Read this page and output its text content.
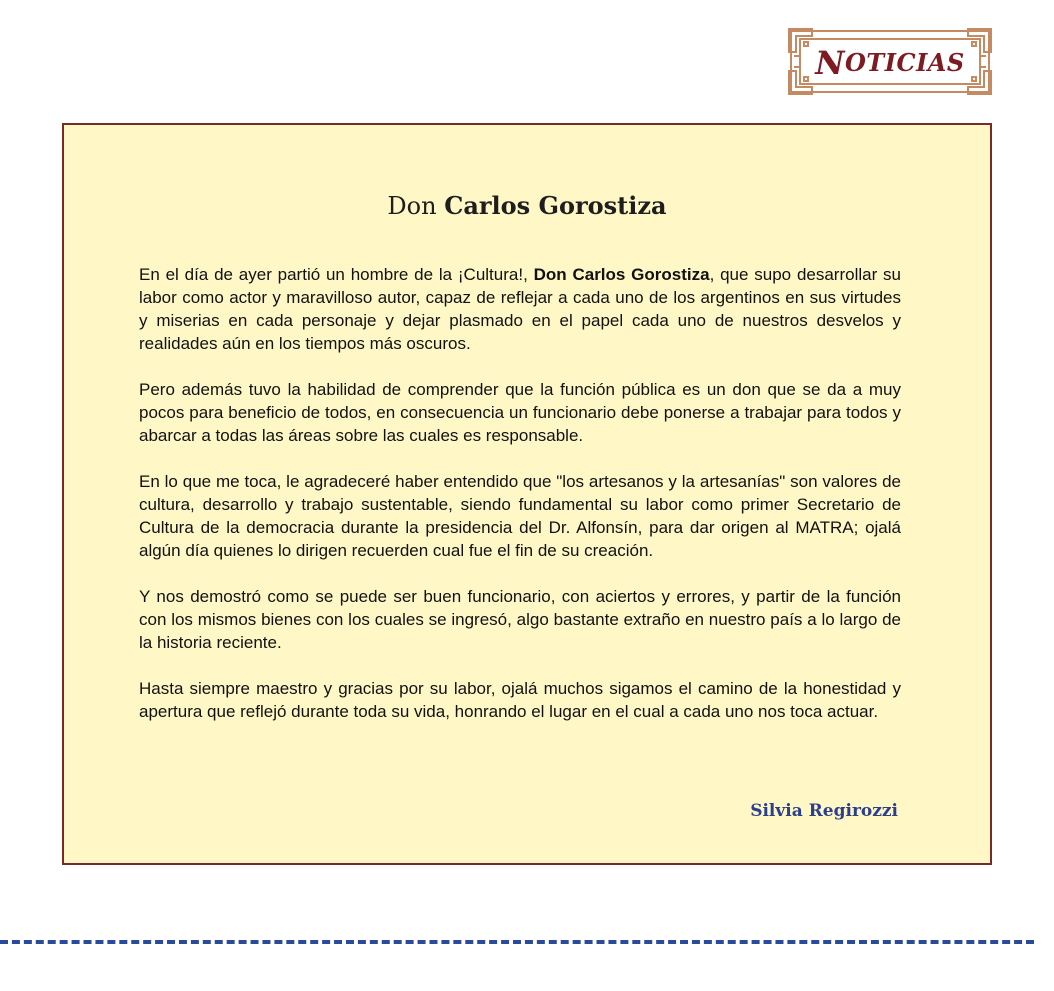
N OTICIAS
Don Carlos Gorostiza

En el día de ayer partió un hombre de la ¡Cultura!, Don Carlos Gorostiza, que supo desarrollar su labor como actor y maravilloso autor, capaz de reflejar a cada uno de los argentinos en sus virtudes y miserias en cada personaje y dejar plasmado en el papel cada uno de nuestros desvelos y realidades aún en los tiempos más oscuros.

Pero además tuvo la habilidad de comprender que la función pública es un don que se da a muy pocos para beneficio de todos, en consecuencia un funcionario debe ponerse a trabajar para todos y abarcar a todas las áreas sobre las cuales es responsable.

En lo que me toca, le agradeceré haber entendido que "los artesanos y la artesanías" son valores de cultura, desarrollo y trabajo sustentable, siendo fundamental su labor como primer Secretario de Cultura de la democracia durante la presidencia del Dr. Alfonsín, para dar origen al MATRA; ojalá algún día quienes lo dirigen recuerden cual fue el fin de su creación.

Y nos demostró como se puede ser buen funcionario, con aciertos y errores, y partir de la función con los mismos bienes con los cuales se ingresó, algo bastante extraño en nuestro país a lo largo de la historia reciente.

Hasta siempre maestro y gracias por su labor, ojalá muchos sigamos el camino de la honestidad y apertura que reflejó durante toda su vida, honrando el lugar en el cual a cada uno nos toca actuar.

Silvia Regirozzi
